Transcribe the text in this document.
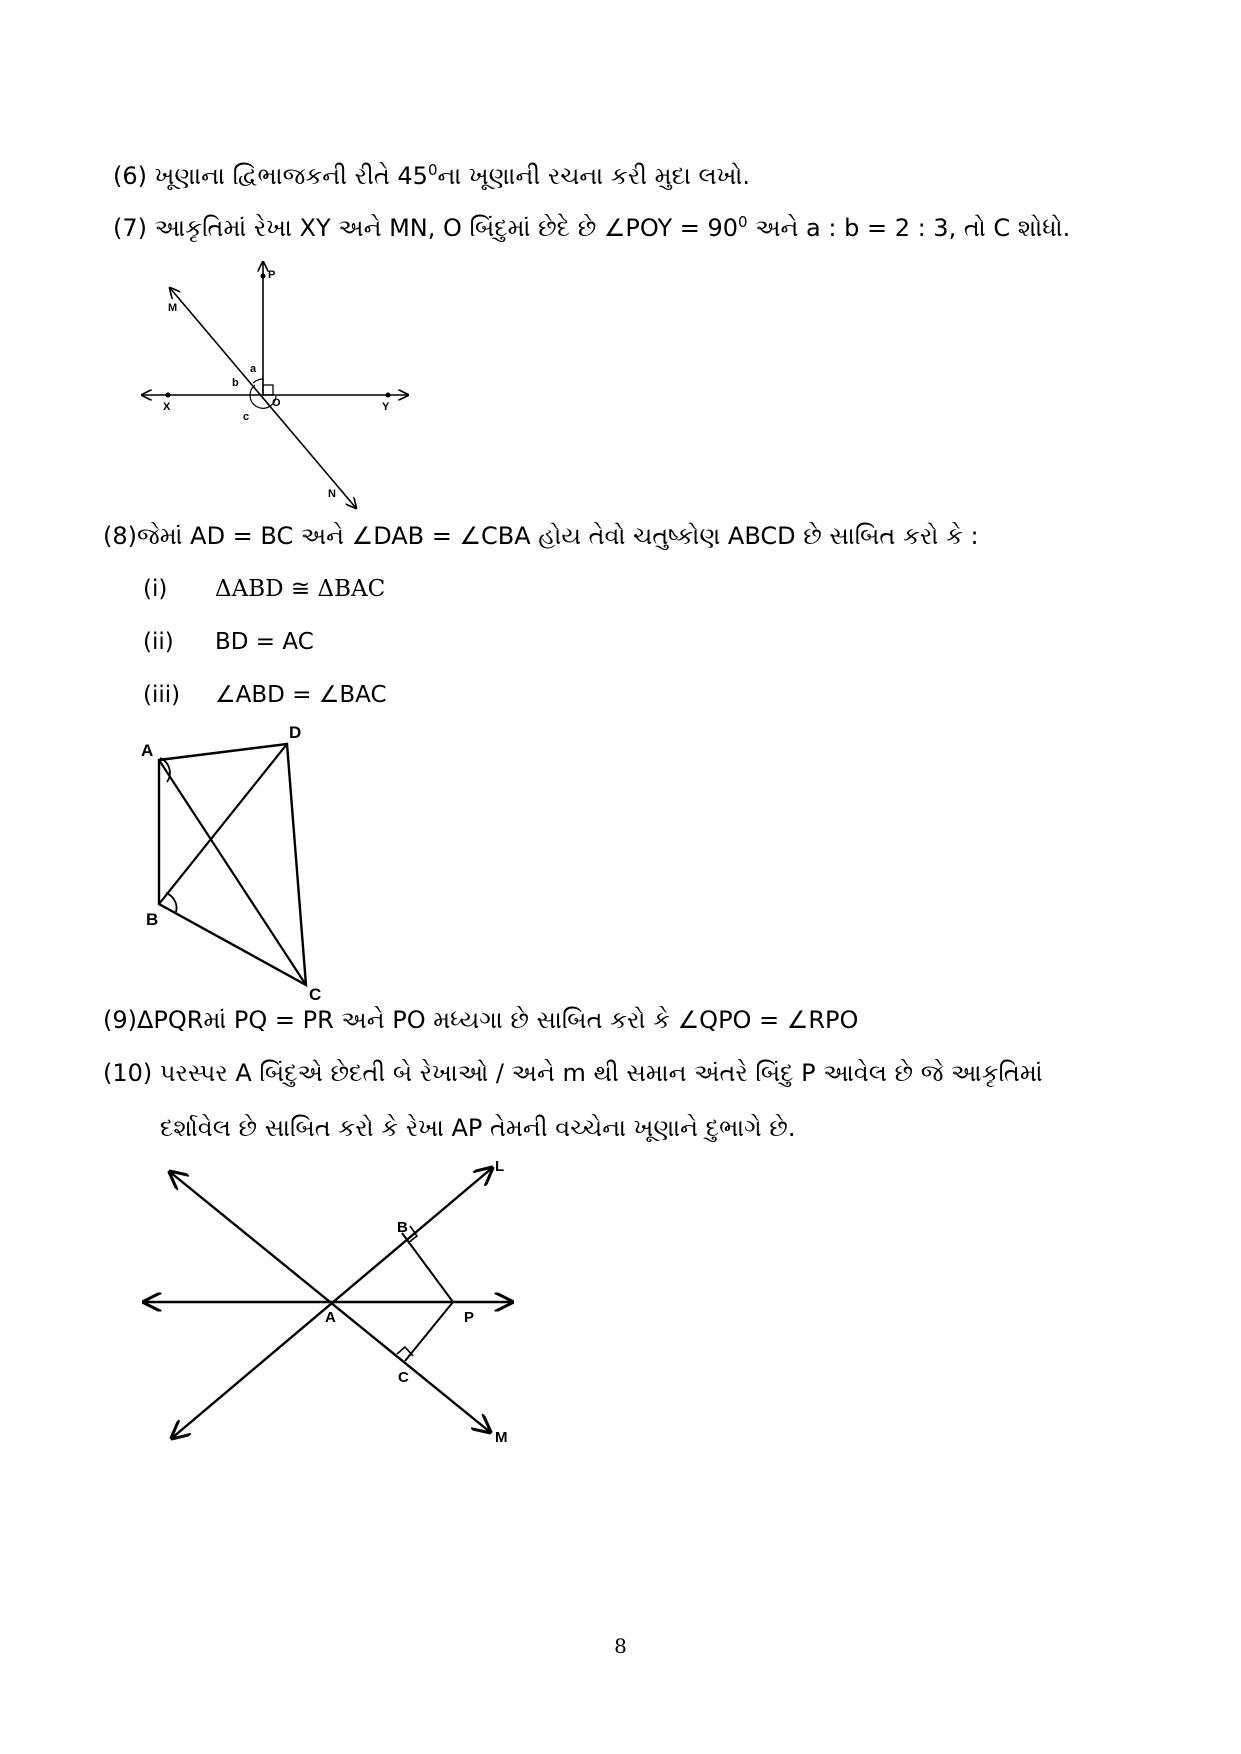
(6) ખૂણાના દ્વિભાજકની રીતે $45^0ના$ ખૂણાની રચના કરી મુદા લખો.
(7) આકૃતિમાં રેખા XY અને MN, O બિંદુમાં છેદે છે ∠POY = $90^0$ અને a : b = 2 : 3, તો C શોધો.
P
M
a
b
O
X	Y
c
N
(8)જેમાં AD = BC અને ∠DAB = ∠CBA હોય તેવો ચતુષ્કોણ ABCD છે સાબિત કરો કે :
(i) ΔABD ≅ ΔBAC
(ii) BD = AC
(iii) ∠ABD = ∠BAC
A
D
B
C
(9)ΔPQRમાં PQ = PR અને PO મધ્યગા છે સાબિત કરો કે ∠QPO = ∠RPO
(10) પરસ્પર A બિંદુએ છેદતી બે રેખાઓ / અને m થી સમાન અંતરે બિંદુ P આવેલ છે જે આકૃતિમાં
દર્શાવેલ છે સાબિત કરો કે રેખા AP તેમની વચ્ચેના ખૂણાને દુભાગે છે.
L
B
A	P
C
M
8
